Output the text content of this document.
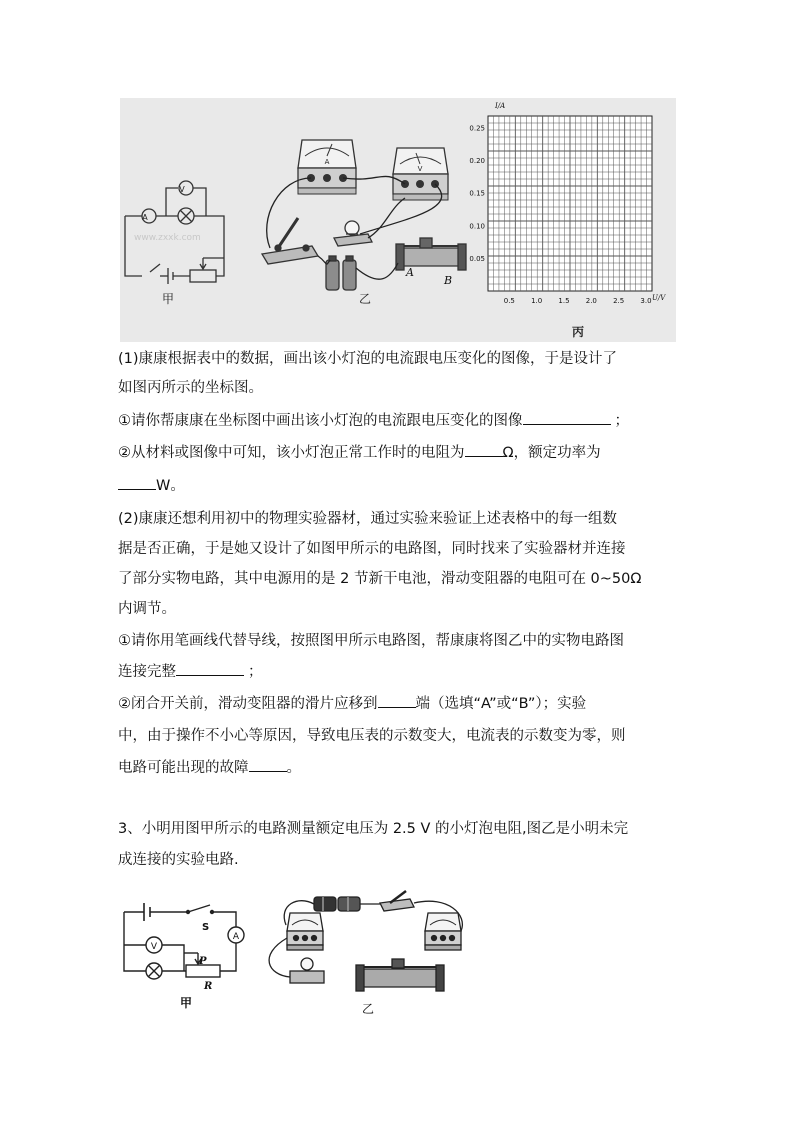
A
V
www.zxxk.com
甲
A
V
A
B
乙
0.25
0.20
0.15
0.10
0.05
0.5 1.0 1.5 2.0 2.5 3.0
I/A
U/V
丙
(1)康康根据表中的数据，画出该小灯泡的电流跟电压变化的图像，于是设计了
如图丙所示的坐标图。
①请你帮康康在坐标图中画出该小灯泡的电流跟电压变化的图像	；
②从材料或图像中可知，该小灯泡正常工作时的电阻为	Ω，额定功率为
W。
(2)康康还想利用初中的物理实验器材，通过实验来验证上述表格中的每一组数
据是否正确，于是她又设计了如图甲所示的电路图，同时找来了实验器材并连接
了部分实物电路，其中电源用的是 2 节新干电池，滑动变阻器的电阻可在 0~50Ω
内调节。
①请你用笔画线代替导线，按照图甲所示电路图，帮康康将图乙中的实物电路图
连接完整	；
②闭合开关前，滑动变阻器的滑片应移到	端（选填“A”或“B”）；实验
中，由于操作不小心等原因，导致电压表的示数变大，电流表的示数变为零，则
电路可能出现的故障	。
3、小明用图甲所示的电路测量额定电压为 2.5 V 的小灯泡电阻,图乙是小明未完
成连接的实验电路.
S
A
V
P
R
甲	乙
